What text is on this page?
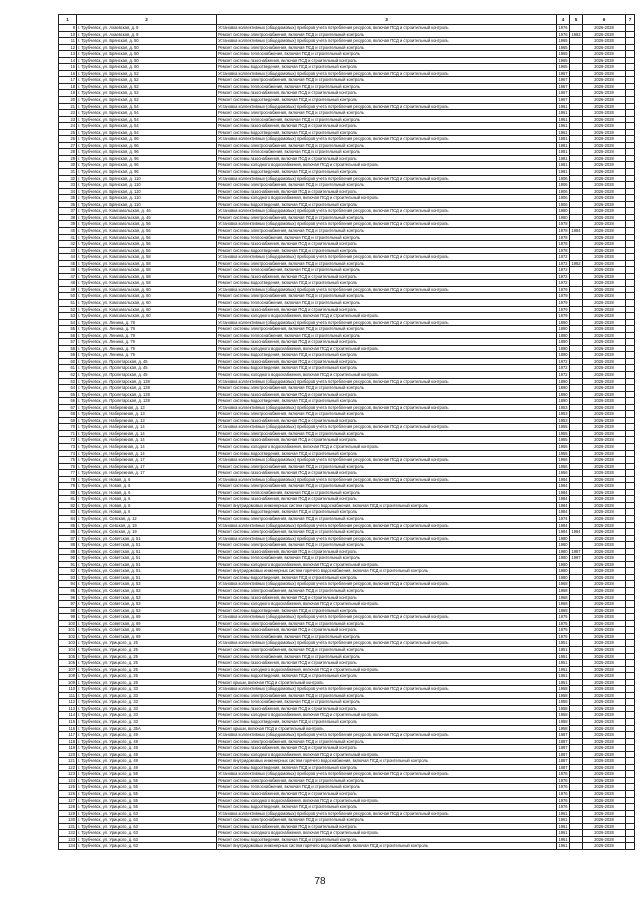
1	2	3	4	5	6	7
9	г. Трубчевск, ул. Ахаевская, д. 9	Установка коллективных (общедомовых) приборов учета потребления ресурсов, включая ПСД и строительный контроль	1976		2026-2028	
10	г. Трубчевск, ул. Ахаевская, д. 9	Ремонт системы электроснабжения, включая ПСД и строительный контроль	1976	1982	2026-2028	
11	г. Трубчевск, ул. Брянская, д. 50	Установка коллективных (общедомовых) приборов учета потребления ресурсов, включая ПСД и строительный контроль	1965		2026-2028	
12	г. Трубчевск, ул. Брянская, д. 50	Ремонт системы электроснабжения, включая ПСД и строительный контроль	1965		2026-2028	
13	г. Трубчевск, ул. Брянская, д. 50	Ремонт системы теплоснабжения, включая ПСД и строительный контроль	1965		2026-2028	
14	г. Трубчевск, ул. Брянская, д. 50	Ремонт системы газоснабжения, включая ПСД и строительный контроль	1965		2026-2028	
15	г. Трубчевск, ул. Брянская, д. 50	Ремонт системы водоотведения, включая ПСД и строительный контроль	1965		2026-2028	
16	г. Трубчевск, ул. Брянская, д. 52	Установка коллективных (общедомовых) приборов учета потребления ресурсов, включая ПСД и строительный контроль	1967		2026-2028	
17	г. Трубчевск, ул. Брянская, д. 52	Ремонт системы электроснабжения, включая ПСД и строительный контроль	1967		2026-2028	
18	г. Трубчевск, ул. Брянская, д. 52	Ремонт системы теплоснабжения, включая ПСД и строительный контроль	1967		2026-2028	
19	г. Трубчевск, ул. Брянская, д. 52	Ремонт системы газоснабжения, включая ПСД и строительный контроль	1967		2026-2028	
20	г. Трубчевск, ул. Брянская, д. 52	Ремонт системы водоотведения, включая ПСД и строительный контроль	1967		2026-2028	
21	г. Трубчевск, ул. Брянская, д. 54	Установка коллективных (общедомовых) приборов учета потребления ресурсов, включая ПСД и строительный контроль	1961		2026-2028	
22	г. Трубчевск, ул. Брянская, д. 54	Ремонт системы электроснабжения, включая ПСД и строительный контроль	1961		2026-2028	
23	г. Трубчевск, ул. Брянская, д. 54	Ремонт системы теплоснабжения, включая ПСД и строительный контроль	1961		2026-2028	
24	г. Трубчевск, ул. Брянская, д. 54	Ремонт системы газоснабжения, включая ПСД и строительный контроль	1961		2026-2028	
25	г. Трубчевск, ул. Брянская, д. 54	Ремонт системы водоотведения, включая ПСД и строительный контроль	1961		2026-2028	
26	г. Трубчевск, ул. Брянская, д. 96	Установка коллективных (общедомовых) приборов учета потребления ресурсов, включая ПСД и строительный контроль	1981		2026-2028	
27	г. Трубчевск, ул. Брянская, д. 96	Ремонт системы электроснабжения, включая ПСД и строительный контроль	1981		2026-2028	
28	г. Трубчевск, ул. Брянская, д. 96	Ремонт системы теплоснабжения, включая ПСД и строительный контроль	1981		2026-2028	
29	г. Трубчевск, ул. Брянская, д. 96	Ремонт системы газоснабжения, включая ПСД и строительный контроль	1981		2026-2028	
30	г. Трубчевск, ул. Брянская, д. 96	Ремонт системы холодного водоснабжения, включая ПСД и строительный контроль	1981		2026-2028	
31	г. Трубчевск, ул. Брянская, д. 96	Ремонт системы водоотведения, включая ПСД и строительный контроль	1981		2026-2028	
32	г. Трубчевск, ул. Брянская, д. 110	Установка коллективных (общедомовых) приборов учета потребления ресурсов, включая ПСД и строительный контроль	1906		2026-2028	
33	г. Трубчевск, ул. Брянская, д. 110	Ремонт системы электроснабжения, включая ПСД и строительный контроль	1906		2026-2028	
34	г. Трубчевск, ул. Брянская, д. 110	Ремонт системы газоснабжения, включая ПСД и строительный контроль	1906		2026-2028	
35	г. Трубчевск, ул. Брянская, д. 110	Ремонт системы холодного водоснабжения, включая ПСД и строительный контроль	1906		2026-2028	
36	г. Трубчевск, ул. Брянская, д. 110	Ремонт системы водоотведения, включая ПСД и строительный контроль	1906		2026-2028	
37	г. Трубчевск, ул. Комсомольская, д. 46	Установка коллективных (общедомовых) приборов учета потребления ресурсов, включая ПСД и строительный контроль	1980		2026-2028	
38	г. Трубчевск, ул. Комсомольская, д. 46	Ремонт системы электроснабжения, включая ПСД и строительный контроль	1980		2026-2028	
39	г. Трубчевск, ул. Комсомольская, д. 56	Установка коллективных (общедомовых) приборов учета потребления ресурсов, включая ПСД и строительный контроль	1978		2026-2028	
40	г. Трубчевск, ул. Комсомольская, д. 56	Ремонт системы электроснабжения, включая ПСД и строительный контроль	1978	1984	2026-2028	
41	г. Трубчевск, ул. Комсомольская, д. 56	Ремонт системы теплоснабжения, включая ПСД и строительный контроль	1978		2026-2028	
42	г. Трубчевск, ул. Комсомольская, д. 56	Ремонт системы газоснабжения, включая ПСД и строительный контроль	1978		2026-2028	
43	г. Трубчевск, ул. Комсомольская, д. 56	Ремонт системы водоотведения, включая ПСД и строительный контроль	1978		2026-2028	
44	г. Трубчевск, ул. Комсомольская, д. 58	Установка коллективных (общедомовых) приборов учета потребления ресурсов, включая ПСД и строительный контроль	1972		2026-2028	
45	г. Трубчевск, ул. Комсомольская, д. 58	Ремонт системы электроснабжения, включая ПСД и строительный контроль	1972	1982	2026-2028	
46	г. Трубчевск, ул. Комсомольская, д. 58	Ремонт системы теплоснабжения, включая ПСД и строительный контроль	1972		2026-2028	
47	г. Трубчевск, ул. Комсомольская, д. 58	Ремонт системы газоснабжения, включая ПСД и строительный контроль	1972		2026-2028	
48	г. Трубчевск, ул. Комсомольская, д. 58	Ремонт системы водоотведения, включая ПСД и строительный контроль	1972		2026-2028	
49	г. Трубчевск, ул. Комсомольская, д. 60	Установка коллективных (общедомовых) приборов учета потребления ресурсов, включая ПСД и строительный контроль	1979		2026-2028	
50	г. Трубчевск, ул. Комсомольская, д. 60	Ремонт системы электроснабжения, включая ПСД и строительный контроль	1979		2026-2028	
51	г. Трубчевск, ул. Комсомольская, д. 60	Ремонт системы теплоснабжения, включая ПСД и строительный контроль	1979		2026-2028	
52	г. Трубчевск, ул. Комсомольская, д. 60	Ремонт системы газоснабжения, включая ПСД и строительный контроль	1979		2026-2028	
53	г. Трубчевск, ул. Комсомольская, д. 60	Ремонт системы холодного водоснабжения, включая ПСД и строительный контроль	1979		2026-2028	
54	г. Трубчевск, ул. Ленина, д. 79	Установка коллективных (общедомовых) приборов учета потребления ресурсов, включая ПСД и строительный контроль	1890		2026-2028	
55	г. Трубчевск, ул. Ленина, д. 79	Ремонт системы электроснабжения, включая ПСД и строительный контроль	1890		2026-2028	
56	г. Трубчевск, ул. Ленина, д. 79	Ремонт системы теплоснабжения, включая ПСД и строительный контроль	1890		2026-2028	
57	г. Трубчевск, ул. Ленина, д. 79	Ремонт системы газоснабжения, включая ПСД и строительный контроль	1890		2026-2028	
58	г. Трубчевск, ул. Ленина, д. 79	Ремонт системы холодного водоснабжения, включая ПСД и строительный контроль	1890		2026-2028	
59	г. Трубчевск, ул. Ленина, д. 79	Ремонт системы водоотведения, включая ПСД и строительный контроль	1890		2026-2028	
60	г. Трубчевск, ул. Пролетарская, д. 45	Ремонт системы газоснабжения, включая ПСД и строительный контроль	1972		2026-2028	
61	г. Трубчевск, ул. Пролетарская, д. 45	Ремонт системы водоотведения, включая ПСД и строительный контроль	1972		2026-2028	
62	г. Трубчевск, ул. Пролетарская, д. 45	Ремонт системы холодного водоснабжения, включая ПСД и строительный контроль	1972		2026-2028	
63	г. Трубчевск, ул. Пролетарская, д. 138	Установка коллективных (общедомовых) приборов учета потребления ресурсов, включая ПСД и строительный контроль	1890		2026-2028	
64	г. Трубчевск, ул. Пролетарская, д. 138	Ремонт системы электроснабжения, включая ПСД и строительный контроль	1890		2026-2028	
65	г. Трубчевск, ул. Пролетарская, д. 138	Ремонт системы газоснабжения, включая ПСД и строительный контроль	1890		2026-2028	
66	г. Трубчевск, ул. Пролетарская, д. 138	Ремонт системы водоотведения, включая ПСД и строительный контроль	1890		2026-2028	
67	г. Трубчевск, ул. Набережная, д. 13	Установка коллективных (общедомовых) приборов учета потребления ресурсов, включая ПСД и строительный контроль	1953		2026-2028	
68	г. Трубчевск, ул. Набережная, д. 13	Ремонт системы электроснабжения, включая ПСД и строительный контроль	1953		2026-2028	
69	г. Трубчевск, ул. Набережная, д. 13	Ремонт системы газоснабжения, включая ПСД и строительный контроль	1953		2026-2028	
70	г. Трубчевск, ул. Набережная, д. 14	Установка коллективных (общедомовых) приборов учета потребления ресурсов, включая ПСД и строительный контроль	1955		2026-2028	
71	г. Трубчевск, ул. Набережная, д. 14	Ремонт системы электроснабжения, включая ПСД и строительный контроль	1955		2026-2028	
72	г. Трубчевск, ул. Набережная, д. 14	Ремонт системы газоснабжения, включая ПСД и строительный контроль	1955		2026-2028	
73	г. Трубчевск, ул. Набережная, д. 14	Ремонт системы холодного водоснабжения, включая ПСД и строительный контроль	1955		2026-2028	
74	г. Трубчевск, ул. Набережная, д. 14	Ремонт системы водоотведения, включая ПСД и строительный контроль	1955		2026-2028	
75	г. Трубчевск, ул. Набережная, д. 17	Установка коллективных (общедомовых) приборов учета потребления ресурсов, включая ПСД и строительный контроль	1956		2026-2028	
76	г. Трубчевск, ул. Набережная, д. 17	Ремонт системы электроснабжения, включая ПСД и строительный контроль	1956		2026-2028	
77	г. Трубчевск, ул. Набережная, д. 17	Ремонт системы газоснабжения, включая ПСД и строительный контроль	1956		2026-2028	
78	г. Трубчевск, ул. Новая, д. 6	Установка коллективных (общедомовых) приборов учета потребления ресурсов, включая ПСД и строительный контроль	1984		2026-2028	
79	г. Трубчевск, ул. Новая, д. 6	Ремонт системы электроснабжения, включая ПСД и строительный контроль	1984		2026-2028	
80	г. Трубчевск, ул. Новая, д. 6	Ремонт системы теплоснабжения, включая ПСД и строительный контроль	1984		2026-2028	
81	г. Трубчевск, ул. Новая, д. 6	Ремонт системы газоснабжения, включая ПСД и строительный контроль	1984		2026-2028	
82	г. Трубчевск, ул. Новая, д. 6	Ремонт внутридомовых инженерных систем горячего водоснабжения, включая ПСД и строительный контроль	1984		2026-2028	
83	г. Трубчевск, ул. Новая, д. 6	Ремонт системы водоотведения, включая ПСД и строительный контроль	1984		2026-2028	
84	г. Трубчевск, ул. Севская, д. 12	Ремонт системы электроснабжения, включая ПСД и строительный контроль	1974		2026-2028	
85	г. Трубчевск, ул. Севская, д. 19	Установка коллективных (общедомовых) приборов учета потребления ресурсов, включая ПСД и строительный контроль	1984		2026-2028	
86	г. Трубчевск, ул. Севская, д. 19	Ремонт системы электроснабжения, включая ПСД и строительный контроль	1984	1984	2026-2028	
87	г. Трубчевск, ул. Советская, д. 51	Установка коллективных (общедомовых) приборов учета потребления ресурсов, включая ПСД и строительный контроль	1980		2026-2028	
88	г. Трубчевск, ул. Советская, д. 51	Ремонт системы электроснабжения, включая ПСД и строительный контроль	1980		2026-2028	
89	г. Трубчевск, ул. Советская, д. 51	Ремонт системы газоснабжения, включая ПСД и строительный контроль	1980	1987	2026-2028	
90	г. Трубчевск, ул. Советская, д. 51	Ремонт системы теплоснабжения, включая ПСД и строительный контроль	1980	1987	2026-2028	
91	г. Трубчевск, ул. Советская, д. 51	Ремонт системы холодного водоснабжения, включая ПСД и строительный контроль	1980		2026-2028	
92	г. Трубчевск, ул. Советская, д. 51	Ремонт внутридомовых инженерных систем горячего водоснабжения, включая ПСД и строительный контроль	1980		2026-2028	
93	г. Трубчевск, ул. Советская, д. 51	Ремонт системы водоотведения, включая ПСД и строительный контроль	1980		2026-2028	
94	г. Трубчевск, ул. Советская, д. 53	Установка коллективных (общедомовых) приборов учета потребления ресурсов, включая ПСД и строительный контроль	1968		2026-2028	
95	г. Трубчевск, ул. Советская, д. 53	Ремонт системы электроснабжения, включая ПСД и строительный контроль	1968		2026-2028	
96	г. Трубчевск, ул. Советская, д. 53	Ремонт системы газоснабжения, включая ПСД и строительный контроль	1968		2026-2028	
97	г. Трубчевск, ул. Советская, д. 53	Ремонт системы холодного водоснабжения, включая ПСД и строительный контроль	1968		2026-2028	
98	г. Трубчевск, ул. Советская, д. 53	Ремонт системы водоотведения, включая ПСД и строительный контроль	1968		2026-2028	
99	г. Трубчевск, ул. Советская, д. 69	Установка коллективных (общедомовых) приборов учета потребления ресурсов, включая ПСД и строительный контроль	1975		2026-2028	
100	г. Трубчевск, ул. Советская, д. 69	Ремонт системы электроснабжения, включая ПСД и строительный контроль	1975		2026-2028	
101	г. Трубчевск, ул. Советская, д. 69	Ремонт системы газоснабжения, включая ПСД и строительный контроль	1975		2026-2028	
102	г. Трубчевск, ул. Советская, д. 69	Ремонт системы теплоснабжения, включая ПСД и строительный контроль	1975		2026-2028	
103	г. Трубчевск, ул. Урицкого, д. 25	Установка коллективных (общедомовых) приборов учета потребления ресурсов, включая ПСД и строительный контроль	1951		2026-2028	
104	г. Трубчевск, ул. Урицкого, д. 25	Ремонт системы электроснабжения, включая ПСД и строительный контроль	1951		2026-2028	
105	г. Трубчевск, ул. Урицкого, д. 25	Ремонт системы теплоснабжения, включая ПСД и строительный контроль	1951		2026-2028	
106	г. Трубчевск, ул. Урицкого, д. 25	Ремонт системы газоснабжения, включая ПСД и строительный контроль	1951		2026-2028	
107	г. Трубчевск, ул. Урицкого, д. 25	Ремонт системы холодного водоснабжения, включая ПСД и строительный контроль	1951		2026-2028	
108	г. Трубчевск, ул. Урицкого, д. 25	Ремонт системы водоотведения, включая ПСД и строительный контроль	1951		2026-2028	
109	г. Трубчевск, ул. Урицкого, д. 25	Ремонт крыши, включая ПСД и строительный контроль	1951		2026-2028	
110	г. Трубчевск, ул. Урицкого, д. 33	Установка коллективных (общедомовых) приборов учета потребления ресурсов, включая ПСД и строительный контроль	1958		2026-2028	
111	г. Трубчевск, ул. Урицкого, д. 33	Ремонт системы электроснабжения, включая ПСД и строительный контроль	1958		2026-2028	
112	г. Трубчевск, ул. Урицкого, д. 33	Ремонт системы теплоснабжения, включая ПСД и строительный контроль	1958		2026-2028	
113	г. Трубчевск, ул. Урицкого, д. 33	Ремонт системы газоснабжения, включая ПСД и строительный контроль	1958		2026-2028	
114	г. Трубчевск, ул. Урицкого, д. 33	Ремонт системы холодного водоснабжения, включая ПСД и строительный контроль	1958		2026-2028	
115	г. Трубчевск, ул. Урицкого, д. 33	Ремонт системы водоотведения, включая ПСД и строительный контроль	1958		2026-2028	
116	г. Трубчевск, ул. Урицкого, д. 35А	Ремонт крыши, включая ПСД и строительный контроль	1958		2026-2028	
117	г. Трубчевск, ул. Урицкого, д. 49	Установка коллективных (общедомовых) приборов учета потребления ресурсов, включая ПСД и строительный контроль	1887		2026-2028	
118	г. Трубчевск, ул. Урицкого, д. 49	Ремонт системы электроснабжения, включая ПСД и строительный контроль	1887		2026-2028	
119	г. Трубчевск, ул. Урицкого, д. 49	Ремонт системы газоснабжения, включая ПСД и строительный контроль	1887		2026-2028	
120	г. Трубчевск, ул. Урицкого, д. 49	Ремонт системы холодного водоснабжения, включая ПСД и строительный контроль	1887		2026-2028	
121	г. Трубчевск, ул. Урицкого, д. 49	Ремонт внутридомовых инженерных систем горячего водоснабжения, включая ПСД и строительный контроль	1887		2026-2028	
122	г. Трубчевск, ул. Урицкого, д. 49	Ремонт системы водоотведения, включая ПСД и строительный контроль	1887		2026-2028	
123	г. Трубчевск, ул. Урицкого, д. 55	Установка коллективных (общедомовых) приборов учета потребления ресурсов, включая ПСД и строительный контроль	1976		2026-2028	
124	г. Трубчевск, ул. Урицкого, д. 55	Ремонт системы электроснабжения, включая ПСД и строительный контроль	1976		2026-2028	
125	г. Трубчевск, ул. Урицкого, д. 55	Ремонт системы теплоснабжения, включая ПСД и строительный контроль	1976		2026-2028	
126	г. Трубчевск, ул. Урицкого, д. 55	Ремонт системы газоснабжения, включая ПСД и строительный контроль	1976		2026-2028	
127	г. Трубчевск, ул. Урицкого, д. 55	Ремонт системы холодного водоснабжения, включая ПСД и строительный контроль	1976		2026-2028	
128	г. Трубчевск, ул. Урицкого, д. 55	Ремонт системы водоотведения, включая ПСД и строительный контроль	1976		2026-2028	
129	г. Трубчевск, ул. Урицкого, д. 63	Установка коллективных (общедомовых) приборов учета потребления ресурсов, включая ПСД и строительный контроль	1961		2026-2028	
130	г. Трубчевск, ул. Урицкого, д. 63	Ремонт системы электроснабжения, включая ПСД и строительный контроль	1961		2026-2028	
131	г. Трубчевск, ул. Урицкого, д. 63	Ремонт системы газоснабжения, включая ПСД и строительный контроль	1961		2026-2028	
132	г. Трубчевск, ул. Урицкого, д. 63	Ремонт системы холодного водоснабжения, включая ПСД и строительный контроль	1961		2026-2028	
133	г. Трубчевск, ул. Урицкого, д. 63	Ремонт системы водоотведения, включая ПСД и строительный контроль	1961		2026-2028	
134	г. Трубчевск, ул. Урицкого, д. 63	Ремонт внутридомовых инженерных систем горячего водоснабжения, включая ПСД и строительный контроль	1961		2026-2028	
78
